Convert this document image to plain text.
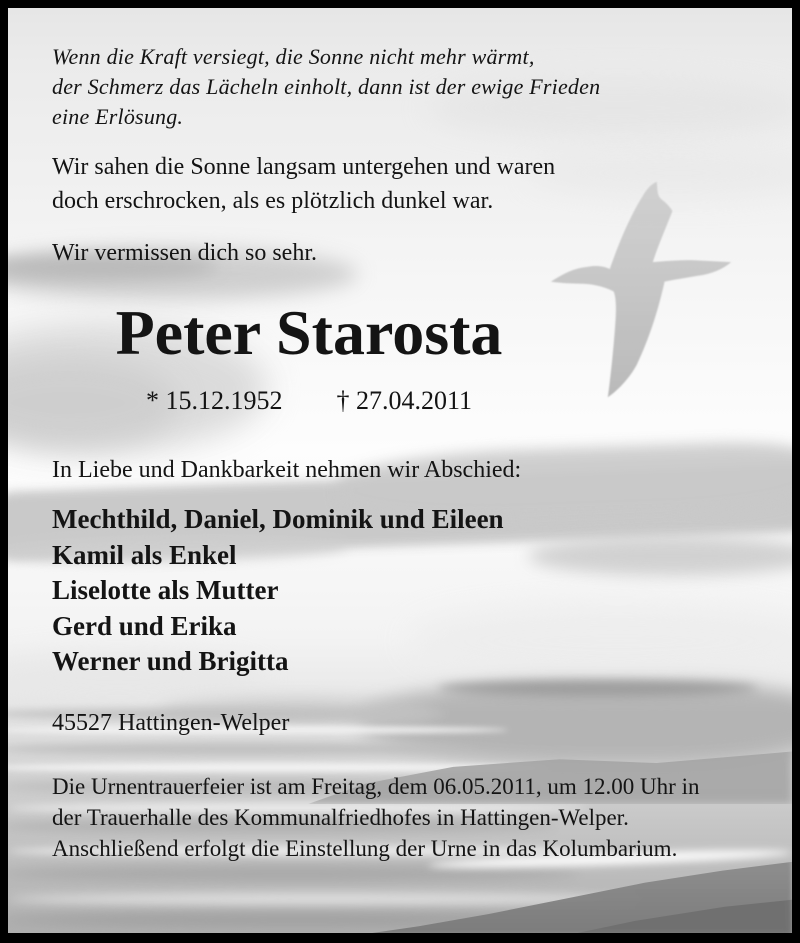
Wenn die Kraft versiegt, die Sonne nicht mehr wärmt,
der Schmerz das Lächeln einholt, dann ist der ewige Frieden
eine Erlösung.
Wir sahen die Sonne langsam untergehen und waren
doch erschrocken, als es plötzlich dunkel war.
Wir vermissen dich so sehr.
Peter Starosta
* 15.12.1952 † 27.04.2011
In Liebe und Dankbarkeit nehmen wir Abschied:
Mechthild, Daniel, Dominik und Eileen
Kamil als Enkel
Liselotte als Mutter
Gerd und Erika
Werner und Brigitta
45527 Hattingen-Welper
Die Urnentrauerfeier ist am Freitag, dem 06.05.2011, um 12.00 Uhr in
der Trauerhalle des Kommunalfriedhofes in Hattingen-Welper.
Anschließend erfolgt die Einstellung der Urne in das Kolumbarium.
